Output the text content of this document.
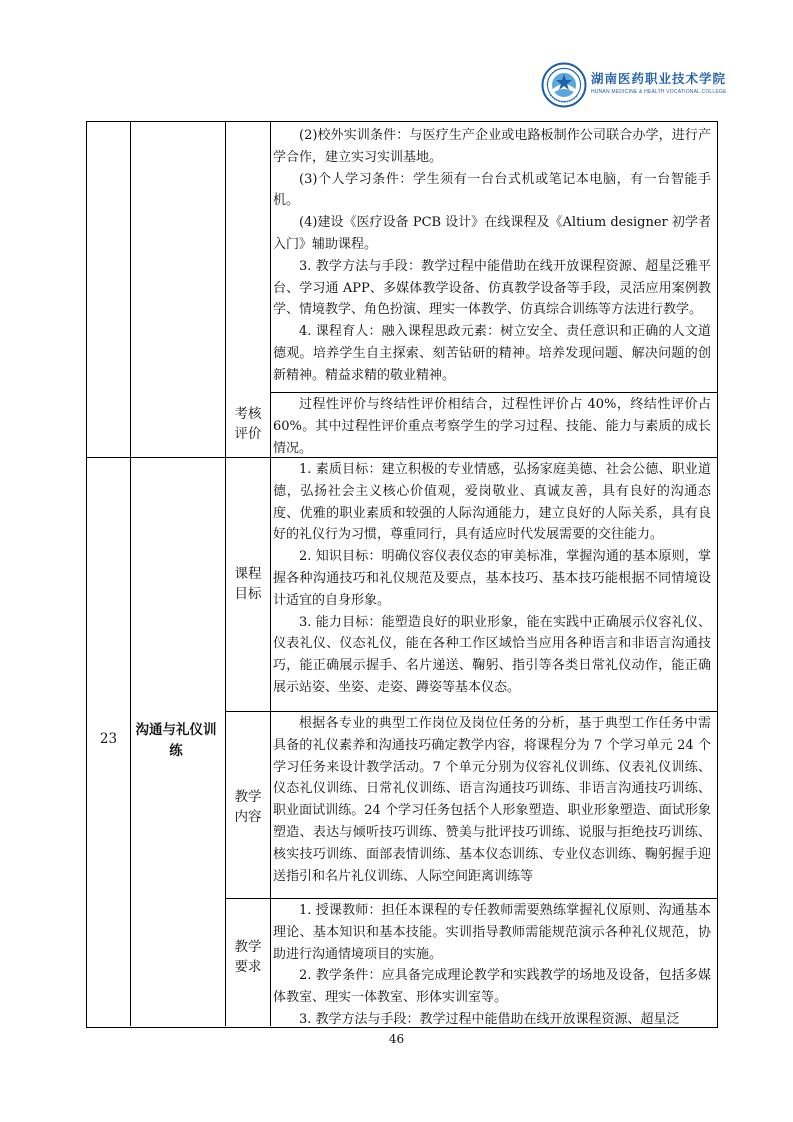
湖南医药职业技术学院
HUNAN MEDICINE & HEALTH VOCATIONAL COLLEGE

(2)校外实训条件：与医疗生产企业或电路板制作公司联合办学，进行产学合作，建立实习实训基地。

(3)个人学习条件：学生须有一台台式机或笔记本电脑，有一台智能手机。

(4)建设《医疗设备 PCB 设计》在线课程及《Altium designer 初学者入门》辅助课程。

3. 教学方法与手段：教学过程中能借助在线开放课程资源、超星泛雅平台、学习通 APP、多媒体教学设备、仿真教学设备等手段，灵活应用案例教学、情境教学、角色扮演、理实一体教学、仿真综合训练等方法进行教学。

4. 课程育人：融入课程思政元素：树立安全、责任意识和正确的人文道德观。培养学生自主探索、刻苦钻研的精神。培养发现问题、解决问题的创新精神。精益求精的敬业精神。

考核评价

过程性评价与终结性评价相结合，过程性评价占 40%，终结性评价占 60%。其中过程性评价重点考察学生的学习过程、技能、能力与素质的成长情况。

23
沟通与礼仪训练
课程目标

1. 素质目标：建立积极的专业情感，弘扬家庭美德、社会公德、职业道德，弘扬社会主义核心价值观，爱岗敬业、真诚友善，具有良好的沟通态度、优雅的职业素质和较强的人际沟通能力，建立良好的人际关系，具有良好的礼仪行为习惯，尊重同行，具有适应时代发展需要的交往能力。

2. 知识目标：明确仪容仪表仪态的审美标准，掌握沟通的基本原则，掌握各种沟通技巧和礼仪规范及要点，基本技巧、基本技巧能根据不同情境设计适宜的自身形象。

3. 能力目标：能塑造良好的职业形象，能在实践中正确展示仪容礼仪、仪表礼仪、仪态礼仪，能在各种工作区域恰当应用各种语言和非语言沟通技巧，能正确展示握手、名片递送、鞠躬、指引等各类日常礼仪动作，能正确展示站姿、坐姿、走姿、蹲姿等基本仪态。

教学内容

根据各专业的典型工作岗位及岗位任务的分析，基于典型工作任务中需具备的礼仪素养和沟通技巧确定教学内容，将课程分为 7 个学习单元 24 个学习任务来设计教学活动。7 个单元分别为仪容礼仪训练、仪表礼仪训练、仪态礼仪训练、日常礼仪训练、语言沟通技巧训练、非语言沟通技巧训练、职业面试训练。24 个学习任务包括个人形象塑造、职业形象塑造、面试形象塑造、表达与倾听技巧训练、赞美与批评技巧训练、说服与拒绝技巧训练、核实技巧训练、面部表情训练、基本仪态训练、专业仪态训练、鞠躬握手迎送指引和名片礼仪训练、人际空间距离训练等

教学要求

1. 授课教师：担任本课程的专任教师需要熟练掌握礼仪原则、沟通基本理论、基本知识和基本技能。实训指导教师需能规范演示各种礼仪规范，协助进行沟通情境项目的实施。

2. 教学条件：应具备完成理论教学和实践教学的场地及设备，包括多媒体教室、理实一体教室、形体实训室等。

3. 教学方法与手段：教学过程中能借助在线开放课程资源、超星泛

46
